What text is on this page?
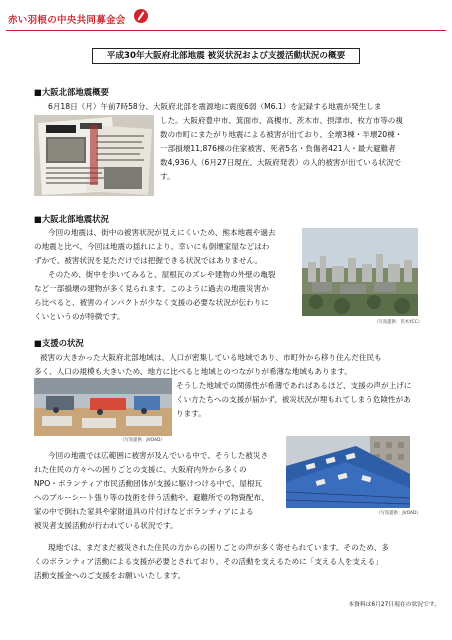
赤い羽根の中央共同募金会
平成30年大阪府北部地震 被災状況および支援活動状況の概要
■大阪北部地震概要
6月18日（月）午前7時58分、大阪府北部を震源地に震度6弱（M6.1）を記録する地震が発生しま
した。大阪府豊中市、箕面市、高槻市、茨木市、摂津市、枚方市等の複
数の市町にまたがり地震による被害が出ており、全壊3棟・半壊20棟・
一部損壊11,876棟の住家被害、死者5名・負傷者421人・最大避難者
数4,936人（6月27日現在、大阪府発表）の人的被害が出ている状況で
す。
■大阪北部地震状況
今回の地震は、街中の被害状況が見えにくいため、熊本地震や過去
の地震と比べ、今回は地震の揺れにより、幸いにも倒壊家屋などはわ
ずかで、被害状況を見ただけでは把握できる状況ではありません。
そのため、街中を歩いてみると、屋根瓦のズレや建物の外壁の亀裂
など一部損壊の建物が多く見られます。このように過去の地震災害か
ら比べると、被害のインパクトが少なく支援の必要な状況が伝わりに
くいというのが特徴です。
（写真提供：茨木YCC）
■支援の状況
被害の大きかった大阪府北部地域は、人口が密集している地域であり、市町外から移り住んだ住民も
多く、人口の規模も大きいため、地方に比べると地域とのつながりが希薄な地域もあります。
そうした地域での関係性が希薄であればあるほど、支援の声が上げに
くい方たちへの支援が届かず、被災状況が埋もれてしまう危険性があ
ります。
（写真提供：JVOAD）
今回の地震では広範囲に被害が及んでいる中で、そうした被災さ
れた住民の方々への困りごとの支援に、大阪府内外から多くの
NPO・ボランティア市民活動団体が支援に駆けつける中で、屋根瓦
へのブルーシート張り等の技術を伴う活動や、避難所での物資配布、
家の中で倒れた家具や家財道具の片付けなどボランティアによる
被災者支援活動が行われている状況です。
（写真提供：JVOAD）
現地では、まだまだ被災された住民の方からの困りごとの声が多く寄せられています。そのため、多
くのボランティア活動による支援が必要とされており、その活動を支えるために「支える人を支える」
活動支援金へのご支援をお願いいたします。
本資料は6月27日現在の状況です。
